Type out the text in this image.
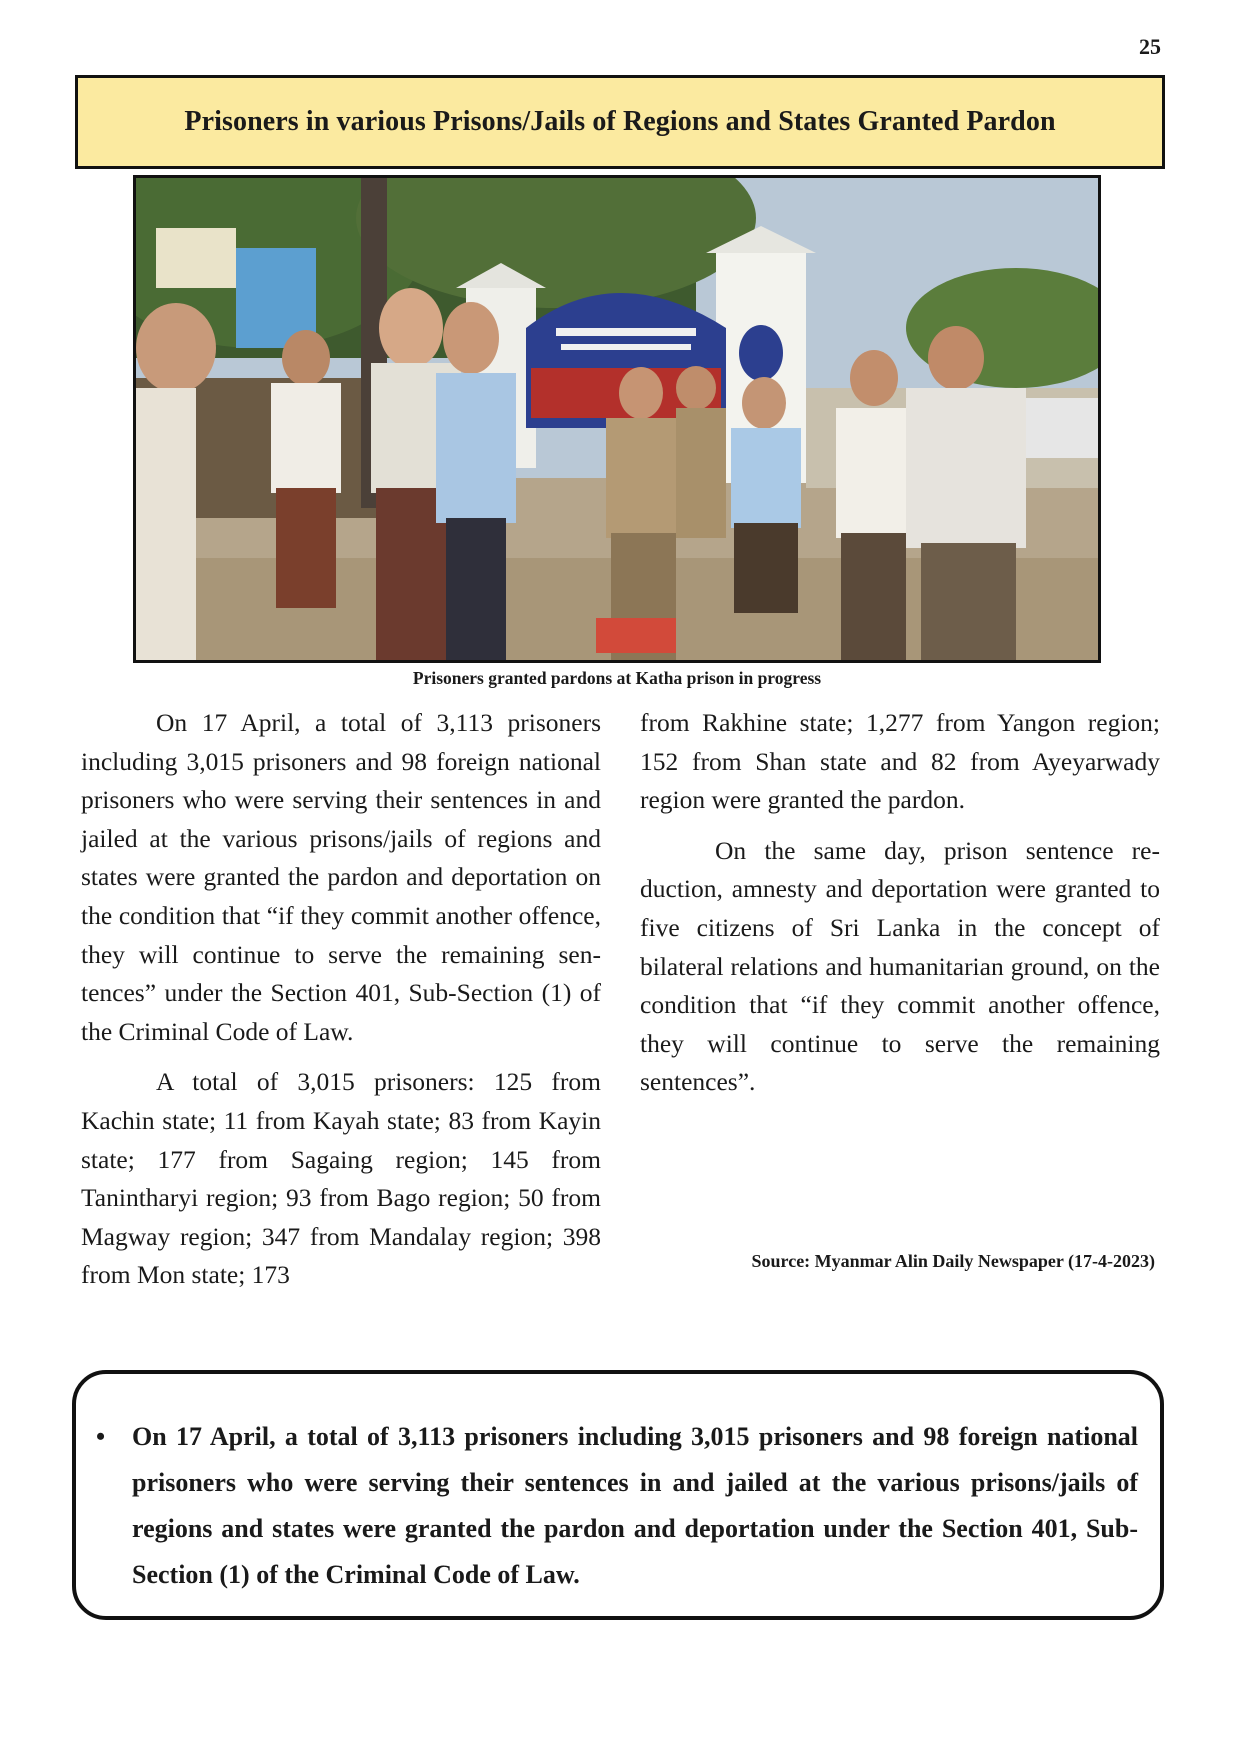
25
Prisoners in various Prisons/Jails of Regions and States Granted Pardon
Prisoners granted pardons at Katha prison in progress

On 17 April, a total of 3,113 prisoners including 3,015 prisoners and 98 foreign national prisoners who were serving their sentences in and jailed at the various prisons/jails of regions and states were granted the pardon and deportation on the condition that “if they commit another offence, they will continue to serve the remaining sentences” under the Section 401, Sub-Section (1) of the Criminal Code of Law.

A total of 3,015 prisoners: 125 from Kachin state; 11 from Kayah state; 83 from Kayin state; 177 from Sagaing region; 145 from Tanintharyi region; 93 from Bago region; 50 from Magway region; 347 from Mandalay region; 398 from Mon state; 173

from Rakhine state; 1,277 from Yangon region; 152 from Shan state and 82 from Ayeyarwady region were granted the pardon.

On the same day, prison sentence reduction, amnesty and deportation were granted to five citizens of Sri Lanka in the concept of bilateral relations and humanitarian ground, on the condition that “if they commit another offence, they will continue to serve the remaining sentences”.

Source: Myanmar Alin Daily Newspaper (17-4-2023)
• On 17 April, a total of 3,113 prisoners including 3,015 prisoners and 98 foreign national prisoners who were serving their sentences in and jailed at the various prisons/jails of regions and states were granted the pardon and deportation under the Section 401, Sub-Section (1) of the Criminal Code of Law.
